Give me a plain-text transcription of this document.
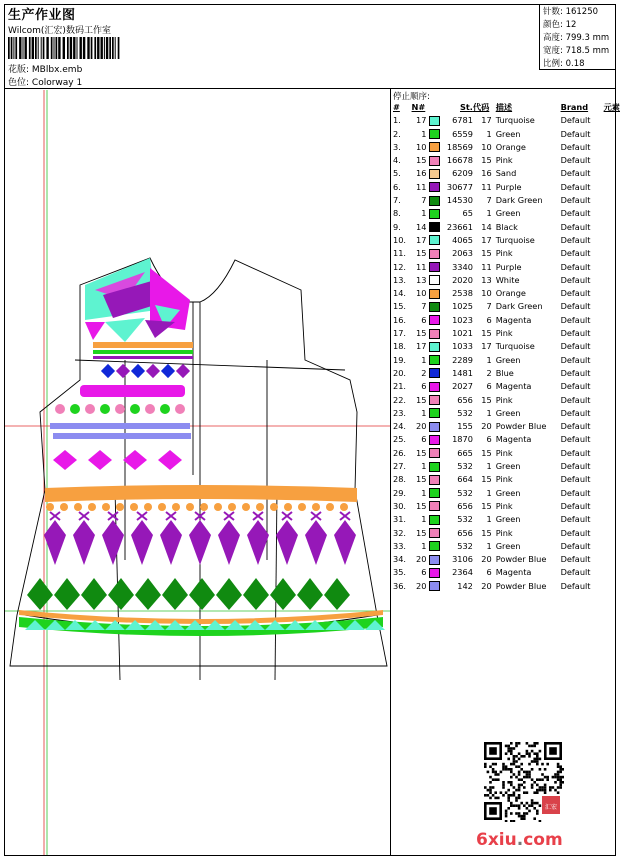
生产作业图
Wilcom(汇宏)数码工作室
花版: MBlbx.emb
色位: Colorway 1
针数: 161250
颜色: 12
高度: 799.3 mm
宽度: 718.5 mm
比例: 0.18
停止顺序:
#	N#		St.	代码	描述	Brand	元素
1.	17		6781	17	Turquoise	Default	
2.	1		6559	1	Green	Default	
3.	10		18569	10	Orange	Default	
4.	15		16678	15	Pink	Default	
5.	16		6209	16	Sand	Default	
6.	11		30677	11	Purple	Default	
7.	7		14530	7	Dark Green	Default	
8.	1		65	1	Green	Default	
9.	14		23661	14	Black	Default	
10.	17		4065	17	Turquoise	Default	
11.	15		2063	15	Pink	Default	
12.	11		3340	11	Purple	Default	
13.	13		2020	13	White	Default	
14.	10		2538	10	Orange	Default	
15.	7		1025	7	Dark Green	Default	
16.	6		1023	6	Magenta	Default	
17.	15		1021	15	Pink	Default	
18.	17		1033	17	Turquoise	Default	
19.	1		2289	1	Green	Default	
20.	2		1481	2	Blue	Default	
21.	6		2027	6	Magenta	Default	
22.	15		656	15	Pink	Default	
23.	1		532	1	Green	Default	
24.	20		155	20	Powder Blue	Default	
25.	6		1870	6	Magenta	Default	
26.	15		665	15	Pink	Default	
27.	1		532	1	Green	Default	
28.	15		664	15	Pink	Default	
29.	1		532	1	Green	Default	
30.	15		656	15	Pink	Default	
31.	1		532	1	Green	Default	
32.	15		656	15	Pink	Default	
33.	1		532	1	Green	Default	
34.	20		3106	20	Powder Blue	Default	
35.	6		2364	6	Magenta	Default	
36.	20		142	20	Powder Blue	Default	
汇宏
6xiu.com
